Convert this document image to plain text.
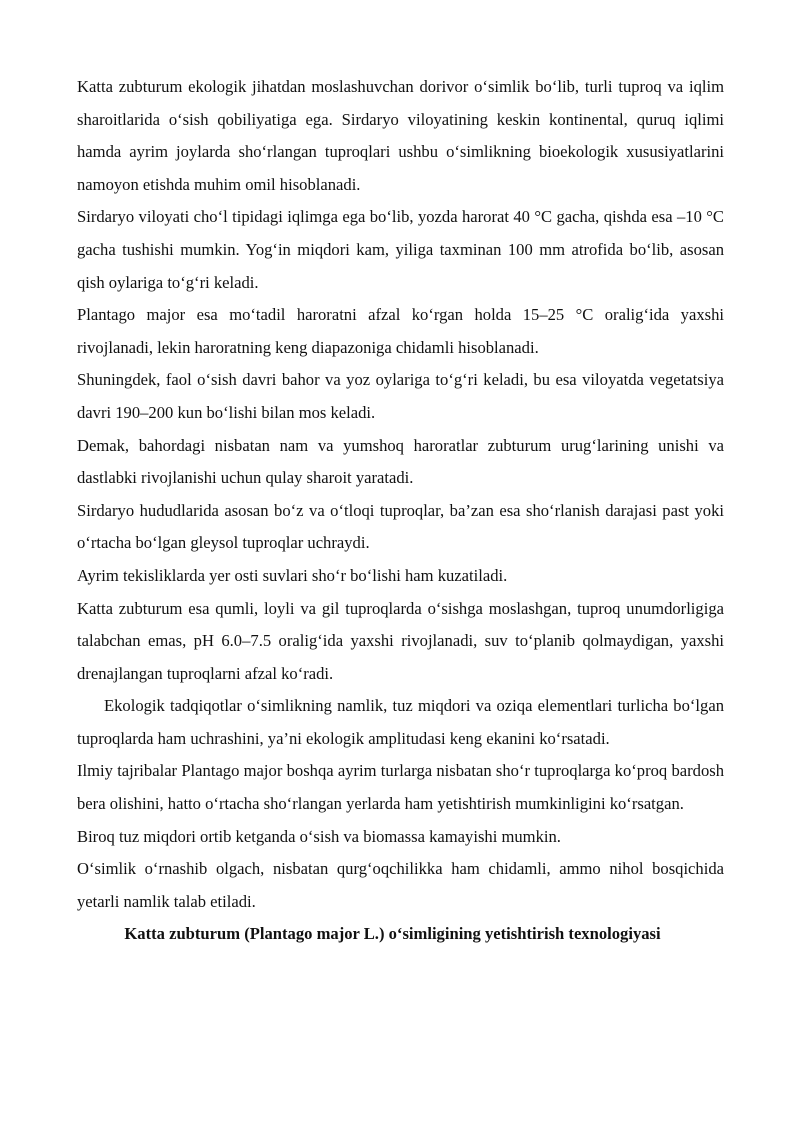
Katta zubturum ekologik jihatdan moslashuvchan dorivor o‘simlik bo‘lib, turli tuproq va iqlim sharoitlarida o‘sish qobiliyatiga ega. Sirdaryo viloyatining keskin kontinental, quruq iqlimi hamda ayrim joylarda sho‘rlangan tuproqlari ushbu o‘simlikning bioekologik xususiyatlarini namoyon etishda muhim omil hisoblanadi.

Sirdaryo viloyati cho‘l tipidagi iqlimga ega bo‘lib, yozda harorat 40 °C gacha, qishda esa –10 °C gacha tushishi mumkin. Yog‘in miqdori kam, yiliga taxminan 100 mm atrofida bo‘lib, asosan qish oylariga to‘g‘ri keladi.

Plantago major esa mo‘tadil haroratni afzal ko‘rgan holda 15–25 °C oralig‘ida yaxshi rivojlanadi, lekin haroratning keng diapazoniga chidamli hisoblanadi.

Shuningdek, faol o‘sish davri bahor va yoz oylariga to‘g‘ri keladi, bu esa viloyatda vegetatsiya davri 190–200 kun bo‘lishi bilan mos keladi.

Demak, bahordagi nisbatan nam va yumshoq haroratlar zubturum urug‘larining unishi va dastlabki rivojlanishi uchun qulay sharoit yaratadi.

Sirdaryo hududlarida asosan bo‘z va o‘tloqi tuproqlar, ba’zan esa sho‘rlanish darajasi past yoki o‘rtacha bo‘lgan gleysol tuproqlar uchraydi.

Ayrim tekisliklarda yer osti suvlari sho‘r bo‘lishi ham kuzatiladi.

Katta zubturum esa qumli, loyli va gil tuproqlarda o‘sishga moslashgan, tuproq unumdorligiga talabchan emas, pH 6.0–7.5 oralig‘ida yaxshi rivojlanadi, suv to‘planib qolmaydigan, yaxshi drenajlangan tuproqlarni afzal ko‘radi.

Ekologik tadqiqotlar o‘simlikning namlik, tuz miqdori va oziqa elementlari turlicha bo‘lgan tuproqlarda ham uchrashini, ya’ni ekologik amplitudasi keng ekanini ko‘rsatadi.

Ilmiy tajribalar Plantago major boshqa ayrim turlarga nisbatan sho‘r tuproqlarga ko‘proq bardosh bera olishini, hatto o‘rtacha sho‘rlangan yerlarda ham yetishtirish mumkinligini ko‘rsatgan.

Biroq tuz miqdori ortib ketganda o‘sish va biomassa kamayishi mumkin.

O‘simlik o‘rnashib olgach, nisbatan qurg‘oqchilikka ham chidamli, ammo nihol bosqichida yetarli namlik talab etiladi.

Katta zubturum (Plantago major L.) o‘simligining yetishtirish texnologiyasi
